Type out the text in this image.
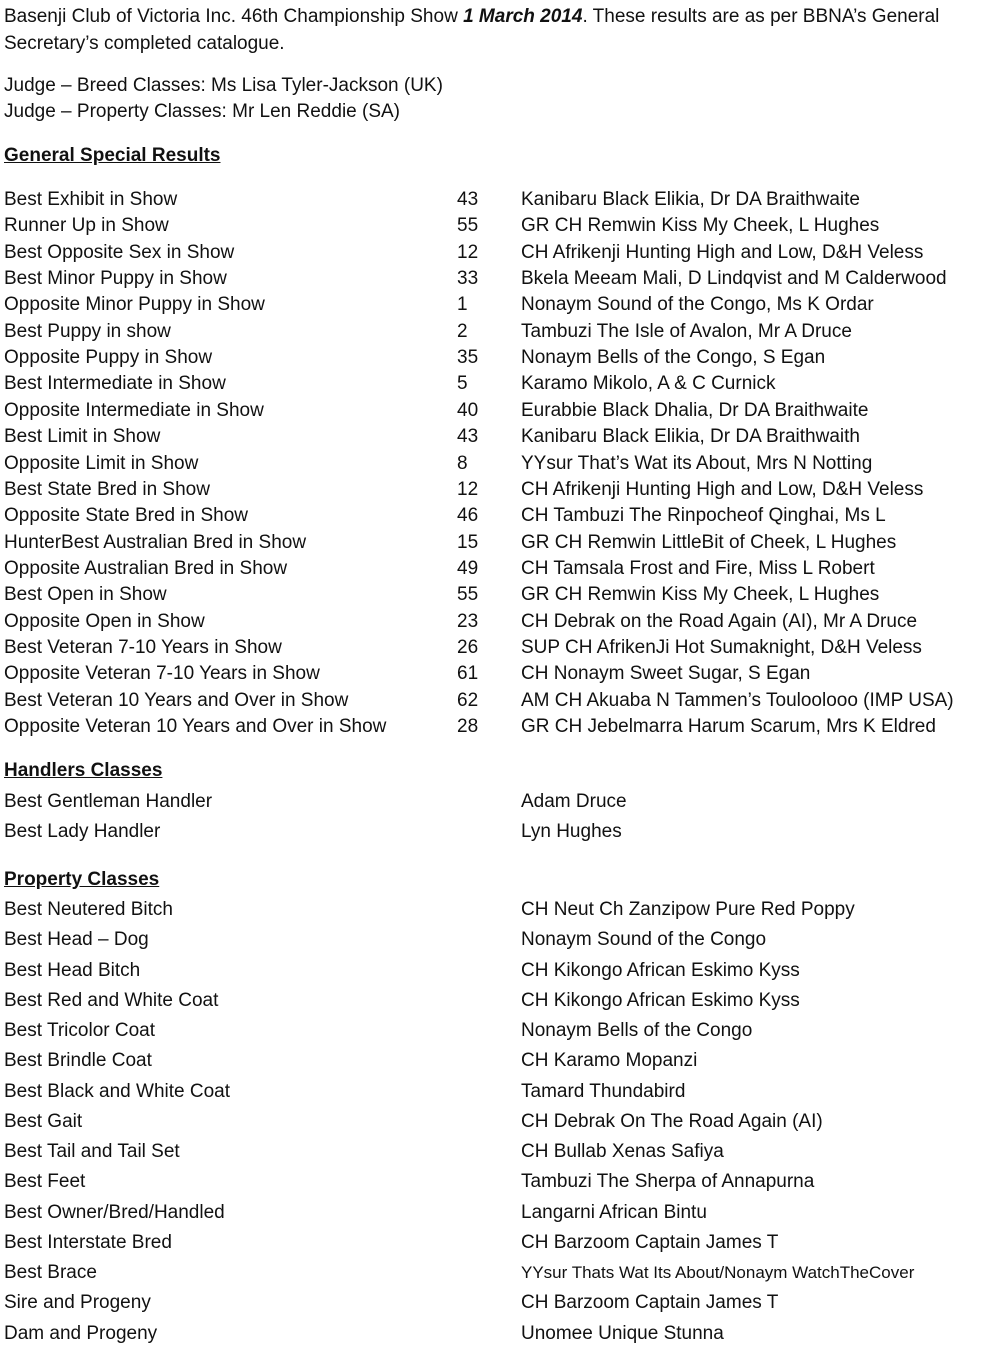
Basenji Club of Victoria Inc. 46th Championship Show 1 March 2014. These results are as per BBNA’s General Secretary’s completed catalogue.
Judge – Breed Classes: Ms Lisa Tyler-Jackson (UK)
Judge – Property Classes: Mr Len Reddie (SA)
General Special Results
Best Exhibit in Show	43 Kanibaru Black Elikia, Dr DA Braithwaite
Runner Up in Show	55 GR CH Remwin Kiss My Cheek, L Hughes
Best Opposite Sex in Show	12 CH Afrikenji Hunting High and Low, D&H Veless
Best Minor Puppy in Show	33 Bkela Meeam Mali, D Lindqvist and M Calderwood
Opposite Minor Puppy in Show	1	Nonaym Sound of the Congo, Ms K Ordar
Best Puppy in show	2	Tambuzi The Isle of Avalon, Mr A Druce
Opposite Puppy in Show	35 Nonaym Bells of the Congo, S Egan
Best Intermediate in Show	5	Karamo Mikolo, A & C Curnick
Opposite Intermediate in Show	40 Eurabbie Black Dhalia, Dr DA Braithwaite
Best Limit in Show	43 Kanibaru Black Elikia, Dr DA Braithwaith
Opposite Limit in Show	8	YYsur That’s Wat its About, Mrs N Notting
Best State Bred in Show	12 CH Afrikenji Hunting High and Low, D&H Veless
Opposite State Bred in Show	46 CH Tambuzi The Rinpocheof Qinghai, Ms L
HunterBest Australian Bred in Show	15 GR CH Remwin LittleBit of Cheek, L Hughes
Opposite Australian Bred in Show	49 CH Tamsala Frost and Fire, Miss L Robert
Best Open in Show	55 GR CH Remwin Kiss My Cheek, L Hughes
Opposite Open in Show	23 CH Debrak on the Road Again (AI), Mr A Druce
Best Veteran 7-10 Years in Show	26 SUP CH AfrikenJi Hot Sumaknight, D&H Veless
Opposite Veteran 7-10 Years in Show	61 CH Nonaym Sweet Sugar, S Egan
Best Veteran 10 Years and Over in Show	62 AM CH Akuaba N Tammen’s Touloolooo (IMP USA)
Opposite Veteran 10 Years and Over in Show	28 GR CH Jebelmarra Harum Scarum, Mrs K Eldred
Handlers Classes
Best Gentleman Handler	Adam Druce
Best Lady Handler	Lyn Hughes
Property Classes
Best Neutered Bitch	CH Neut Ch Zanzipow Pure Red Poppy
Best Head – Dog	Nonaym Sound of the Congo
Best Head Bitch	CH Kikongo African Eskimo Kyss
Best Red and White Coat	CH Kikongo African Eskimo Kyss
Best Tricolor Coat	Nonaym Bells of the Congo
Best Brindle Coat	CH Karamo Mopanzi
Best Black and White Coat	Tamard Thundabird
Best Gait	CH Debrak On The Road Again (AI)
Best Tail and Tail Set	CH Bullab Xenas Safiya
Best Feet	Tambuzi The Sherpa of Annapurna
Best Owner/Bred/Handled	Langarni African Bintu
Best Interstate Bred	CH Barzoom Captain James T
Best Brace	YYsur Thats Wat Its About/Nonaym WatchTheCover
Sire and Progeny	CH Barzoom Captain James T
Dam and Progeny	Unomee Unique Stunna
